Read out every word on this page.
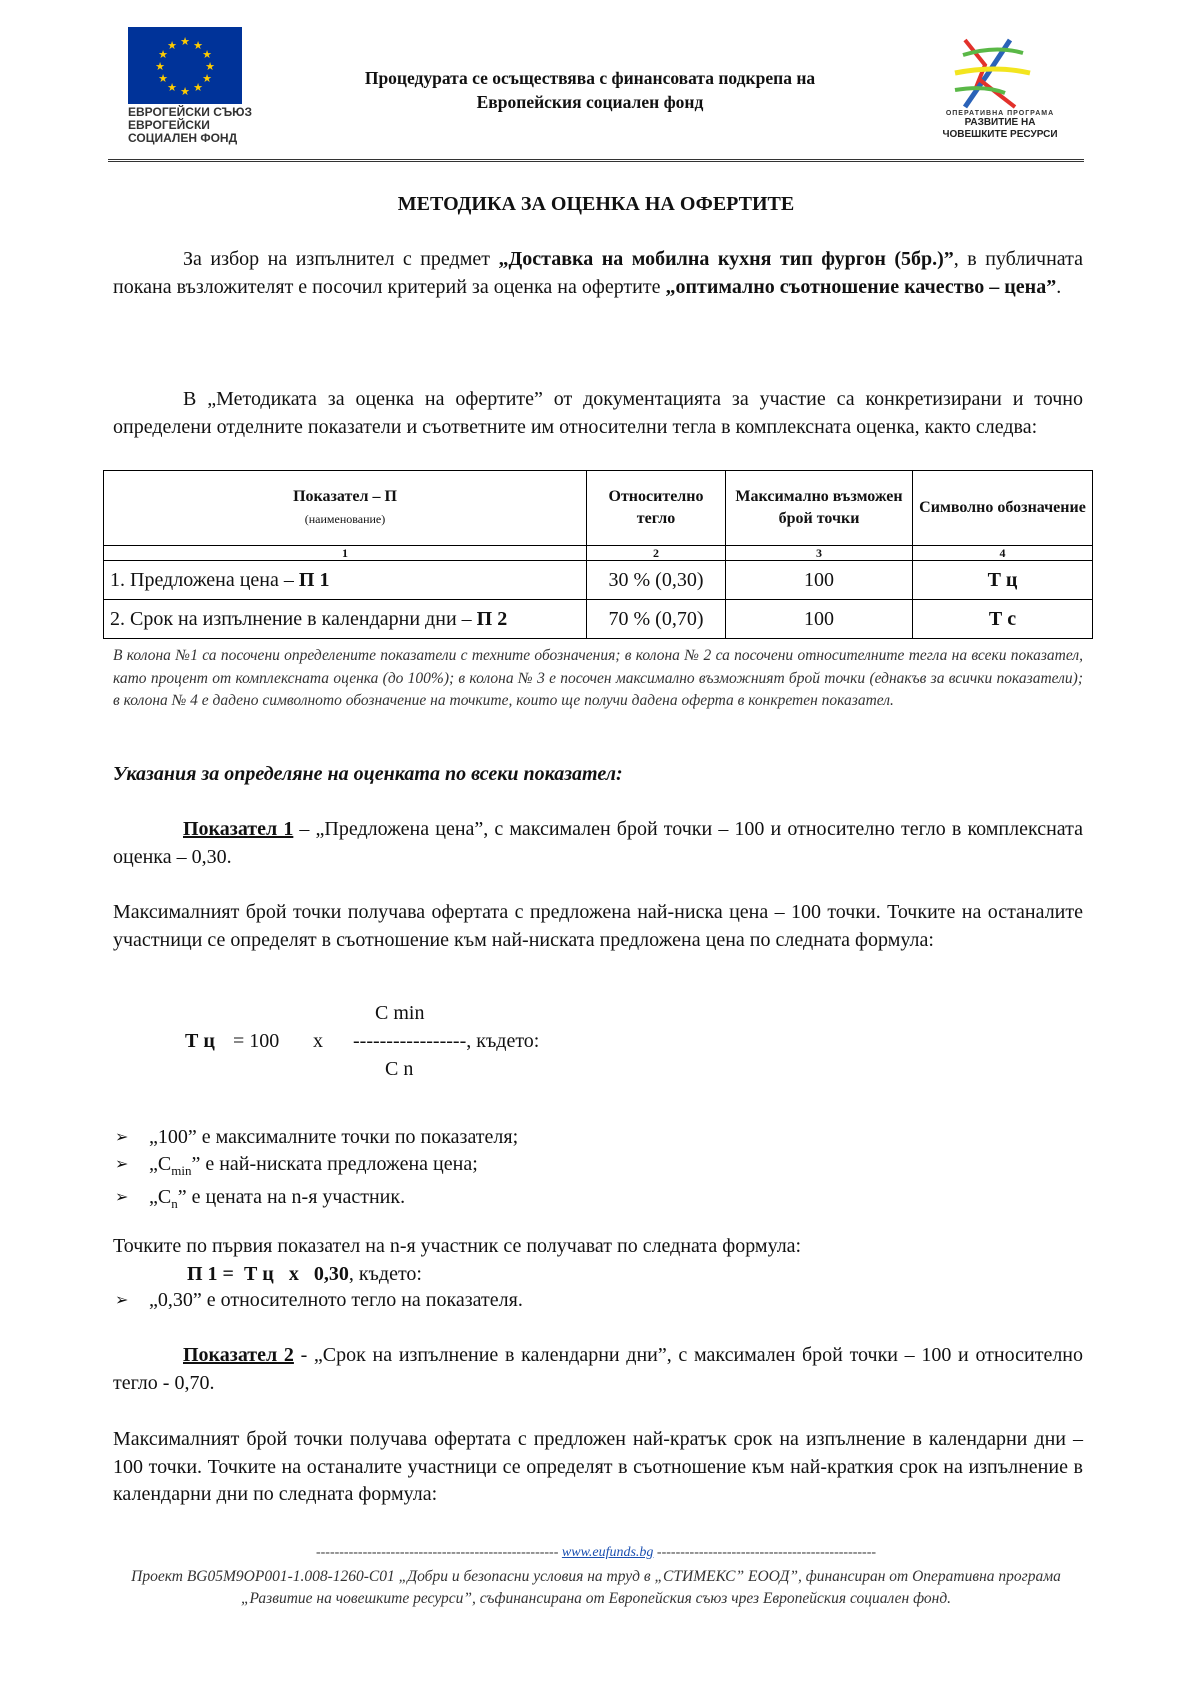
★ ★
★
★
★
★
★
★
★
★
★
★
ЕВРОГЕЙСКИ СЪЮЗ
ЕВРОГЕЙСКИ
СОЦИАЛЕН ФОНД
Процедурата се осъществява с финансовата подкрепа на
Европейския социален фонд
ОПЕРАТИВНА ПРОГРАМА
РАЗВИТИЕ НА
ЧОВЕШКИТЕ РЕСУРСИ
МЕТОДИКА ЗА ОЦЕНКА НА ОФЕРТИТЕ
За избор на изпълнител с предмет „Доставка на мобилна кухня тип фургон (5бр.)”, в публичната покана възложителят е посочил критерий за оценка на офертите „оптимално съотношение качество – цена”.
В „Методиката за оценка на офертите” от документацията за участие са конкретизирани и точно определени отделните показатели и съответните им относителни тегла в комплексната оценка, както следва:
Показател – П
(наименование)	Относително тегло	Максимално възможен брой точки	Символно обозначение
1	2	3	4
1. Предложена цена – П 1	30 % (0,30)	100	Т ц
2. Срок на изпълнение в календарни дни – П 2	70 % (0,70)	100	Т с
В колона №1 са посочени определените показатели с техните обозначения; в колона № 2 са посочени относителните тегла на всеки показател, като процент от комплексната оценка (до 100%); в колона № 3 е посочен максимално възможният брой точки (еднакъв за всички показатели); в колона № 4 е дадено символното обозначение на точките, които ще получи дадена оферта в конкретен показател.
Указания за определяне на оценката по всеки показател:
Показател 1 – „Предложена цена”, с максимален брой точки – 100 и относително тегло в комплексната оценка – 0,30.
Максималният брой точки получава офертата с предложена най-ниска цена – 100 точки. Точките на останалите участници се определят в съотношение към най-ниската предложена цена по следната формула:
C min
Т ц = 100 х -----------------, където:
C n
➢ „100” е максималните точки по показателя;
➢ $„C_{min}$” е най-ниската предложена цена;
➢ $„C_n$” е цената на n-я участник.
Точките по първия показател на n-я участник се получават по следната формула:
П 1 =  Т ц   х   0,30, където:
➢ „0,30” е относителното тегло на показателя.
Показател 2 - „Срок на изпълнение в календарни дни”, с максимален брой точки – 100 и относително тегло - 0,70.
Максималният брой точки получава офертата с предложен най-кратък срок на изпълнение в календарни дни – 100 точки. Точките на останалите участници се определят в съотношение към най-краткия срок на изпълнение в календарни дни по следната формула:
---------------------------------------------------- www.eufunds.bg -----------------------------------------------
Проект BG05M9OP001-1.008-1260-C01 „Добри и безопасни условия на труд в „СТИМЕКС” ЕООД”, финансиран от Оперативна програма „Развитие на човешките ресурси”, съфинансирана от Европейския съюз чрез Европейския социален фонд.
